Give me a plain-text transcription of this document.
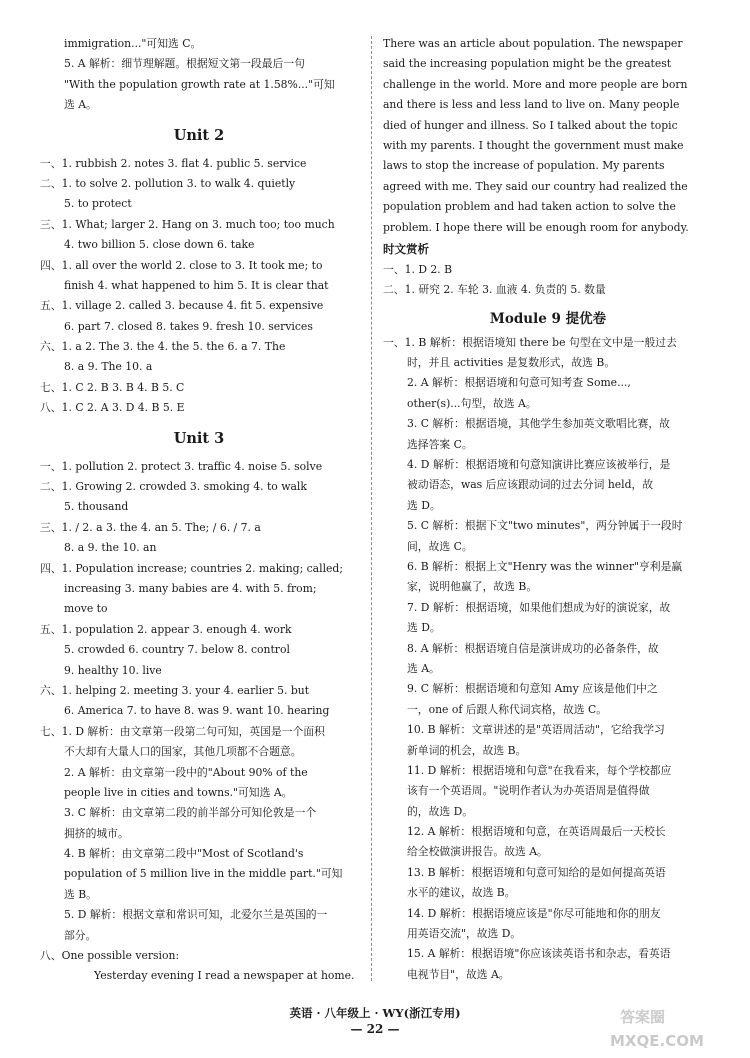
immigration..."可知选 C。
5. A 解析：细节理解题。根据短文第一段最后一句
"With the population growth rate at 1.58%..."可知
选 A。
Unit 2
一、1. rubbish 2. notes 3. flat 4. public 5. service
二、1. to solve 2. pollution 3. to walk 4. quietly
5. to protect
三、1. What; larger 2. Hang on 3. much too; too much
4. two billion 5. close down 6. take
四、1. all over the world 2. close to 3. It took me; to
finish 4. what happened to him 5. It is clear that
五、1. village 2. called 3. because 4. fit 5. expensive
6. part 7. closed 8. takes 9. fresh 10. services
六、1. a 2. The 3. the 4. the 5. the 6. a 7. The
8. a 9. The 10. a
七、1. C 2. B 3. B 4. B 5. C
八、1. C 2. A 3. D 4. B 5. E
Unit 3
一、1. pollution 2. protect 3. traffic 4. noise 5. solve
二、1. Growing 2. crowded 3. smoking 4. to walk
5. thousand
三、1. / 2. a 3. the 4. an 5. The; / 6. / 7. a
8. a 9. the 10. an
四、1. Population increase; countries 2. making; called;
increasing 3. many babies are 4. with 5. from;
move to
五、1. population 2. appear 3. enough 4. work
5. crowded 6. country 7. below 8. control
9. healthy 10. live
六、1. helping 2. meeting 3. your 4. earlier 5. but
6. America 7. to have 8. was 9. want 10. hearing
七、1. D 解析：由文章第一段第二句可知，英国是一个面积
不大却有大量人口的国家，其他几项都不合题意。
2. A 解析：由文章第一段中的"About 90% of the
people live in cities and towns."可知选 A。
3. C 解析：由文章第二段的前半部分可知伦敦是一个
拥挤的城市。
4. B 解析：由文章第二段中"Most of Scotland's
population of 5 million live in the middle part."可知
选 B。
5. D 解析：根据文章和常识可知，北爱尔兰是英国的一
部分。
八、One possible version:
Yesterday evening I read a newspaper at home.
There was an article about population. The newspaper
said the increasing population might be the greatest
challenge in the world. More and more people are born
and there is less and less land to live on. Many people
died of hunger and illness. So I talked about the topic
with my parents. I thought the government must make
laws to stop the increase of population. My parents
agreed with me. They said our country had realized the
population problem and had taken action to solve the
problem. I hope there will be enough room for anybody.
时文赏析
一、1. D 2. B
二、1. 研究 2. 车轮 3. 血液 4. 负责的 5. 数量
Module 9 提优卷
一、1. B 解析：根据语境知 there be 句型在文中是一般过去
时，并且 activities 是复数形式，故选 B。
2. A 解析：根据语境和句意可知考查 Some...,
other(s)...句型，故选 A。
3. C 解析：根据语境，其他学生参加英文歌唱比赛，故
选择答案 C。
4. D 解析：根据语境和句意知演讲比赛应该被举行，是
被动语态，was 后应该跟动词的过去分词 held，故
选 D。
5. C 解析：根据下文"two minutes"，两分钟属于一段时
间，故选 C。
6. B 解析：根据上文"Henry was the winner"亨利是赢
家，说明他赢了，故选 B。
7. D 解析：根据语境，如果他们想成为好的演说家，故
选 D。
8. A 解析：根据语境自信是演讲成功的必备条件，故
选 A。
9. C 解析：根据语境和句意知 Amy 应该是他们中之
一，one of 后跟人称代词宾格，故选 C。
10. B 解析：文章讲述的是"英语周活动"，它给我学习
新单词的机会，故选 B。
11. D 解析：根据语境和句意"在我看来，每个学校都应
该有一个英语周。"说明作者认为办英语周是值得做
的，故选 D。
12. A 解析：根据语境和句意，在英语周最后一天校长
给全校做演讲报告。故选 A。
13. B 解析：根据语境和句意可知给的是如何提高英语
水平的建议，故选 B。
14. D 解析：根据语境应该是"你尽可能地和你的朋友
用英语交流"，故选 D。
15. A 解析：根据语境"你应该读英语书和杂志，看英语
电视节目"，故选 A。
英语 · 八年级上 · WY(浙江专用)
— 22 —
答案圈
MXQE.COM
